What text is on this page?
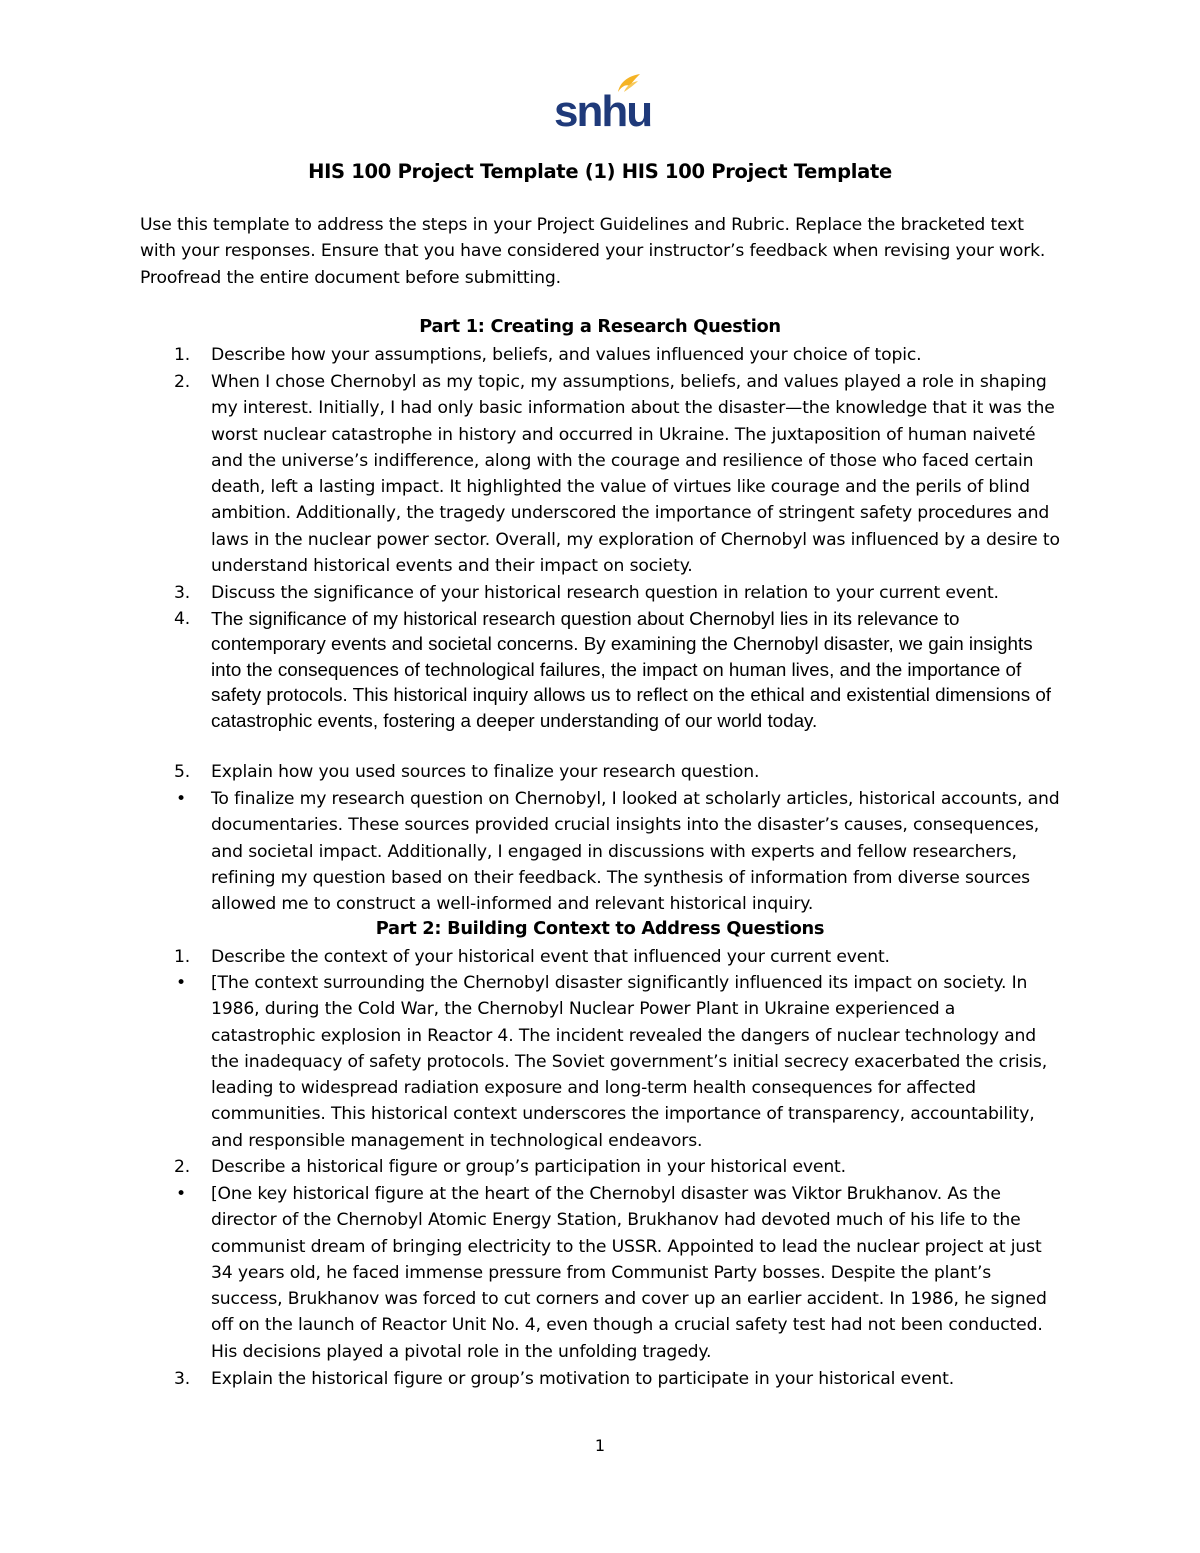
snhu
HIS 100 Project Template (1) HIS 100 Project Template
Use this template to address the steps in your Project Guidelines and Rubric. Replace the bracketed text with your responses. Ensure that you have considered your instructor’s feedback when revising your work. Proofread the entire document before submitting.
Part 1: Creating a Research Question
1.	Describe how your assumptions, beliefs, and values influenced your choice of topic.
2.	When I chose Chernobyl as my topic, my assumptions, beliefs, and values played a role in shaping my interest. Initially, I had only basic information about the disaster—the knowledge that it was the worst nuclear catastrophe in history and occurred in Ukraine. The juxtaposition of human naiveté and the universe’s indifference, along with the courage and resilience of those who faced certain death, left a lasting impact. It highlighted the value of virtues like courage and the perils of blind ambition. Additionally, the tragedy underscored the importance of stringent safety procedures and laws in the nuclear power sector. Overall, my exploration of Chernobyl was influenced by a desire to understand historical events and their impact on society.
3.	Discuss the significance of your historical research question in relation to your current event.
4.	The significance of my historical research question about Chernobyl lies in its relevance to contemporary events and societal concerns. By examining the Chernobyl disaster, we gain insights into the consequences of technological failures, the impact on human lives, and the importance of safety protocols. This historical inquiry allows us to reflect on the ethical and existential dimensions of catastrophic events, fostering a deeper understanding of our world today.
5.	Explain how you used sources to finalize your research question.
• To finalize my research question on Chernobyl, I looked at scholarly articles, historical accounts, and documentaries. These sources provided crucial insights into the disaster’s causes, consequences, and societal impact. Additionally, I engaged in discussions with experts and fellow researchers, refining my question based on their feedback. The synthesis of information from diverse sources allowed me to construct a well-informed and relevant historical inquiry.
Part 2: Building Context to Address Questions
1.	Describe the context of your historical event that influenced your current event.
• [The context surrounding the Chernobyl disaster significantly influenced its impact on society. In 1986, during the Cold War, the Chernobyl Nuclear Power Plant in Ukraine experienced a catastrophic explosion in Reactor 4. The incident revealed the dangers of nuclear technology and the inadequacy of safety protocols. The Soviet government’s initial secrecy exacerbated the crisis, leading to widespread radiation exposure and long-term health consequences for affected communities. This historical context underscores the importance of transparency, accountability, and responsible management in technological endeavors.
2.	Describe a historical figure or group’s participation in your historical event.
• [One key historical figure at the heart of the Chernobyl disaster was Viktor Brukhanov. As the director of the Chernobyl Atomic Energy Station, Brukhanov had devoted much of his life to the communist dream of bringing electricity to the USSR. Appointed to lead the nuclear project at just 34 years old, he faced immense pressure from Communist Party bosses. Despite the plant’s success, Brukhanov was forced to cut corners and cover up an earlier accident. In 1986, he signed off on the launch of Reactor Unit No. 4, even though a crucial safety test had not been conducted. His decisions played a pivotal role in the unfolding tragedy.
3.	Explain the historical figure or group’s motivation to participate in your historical event.
1
